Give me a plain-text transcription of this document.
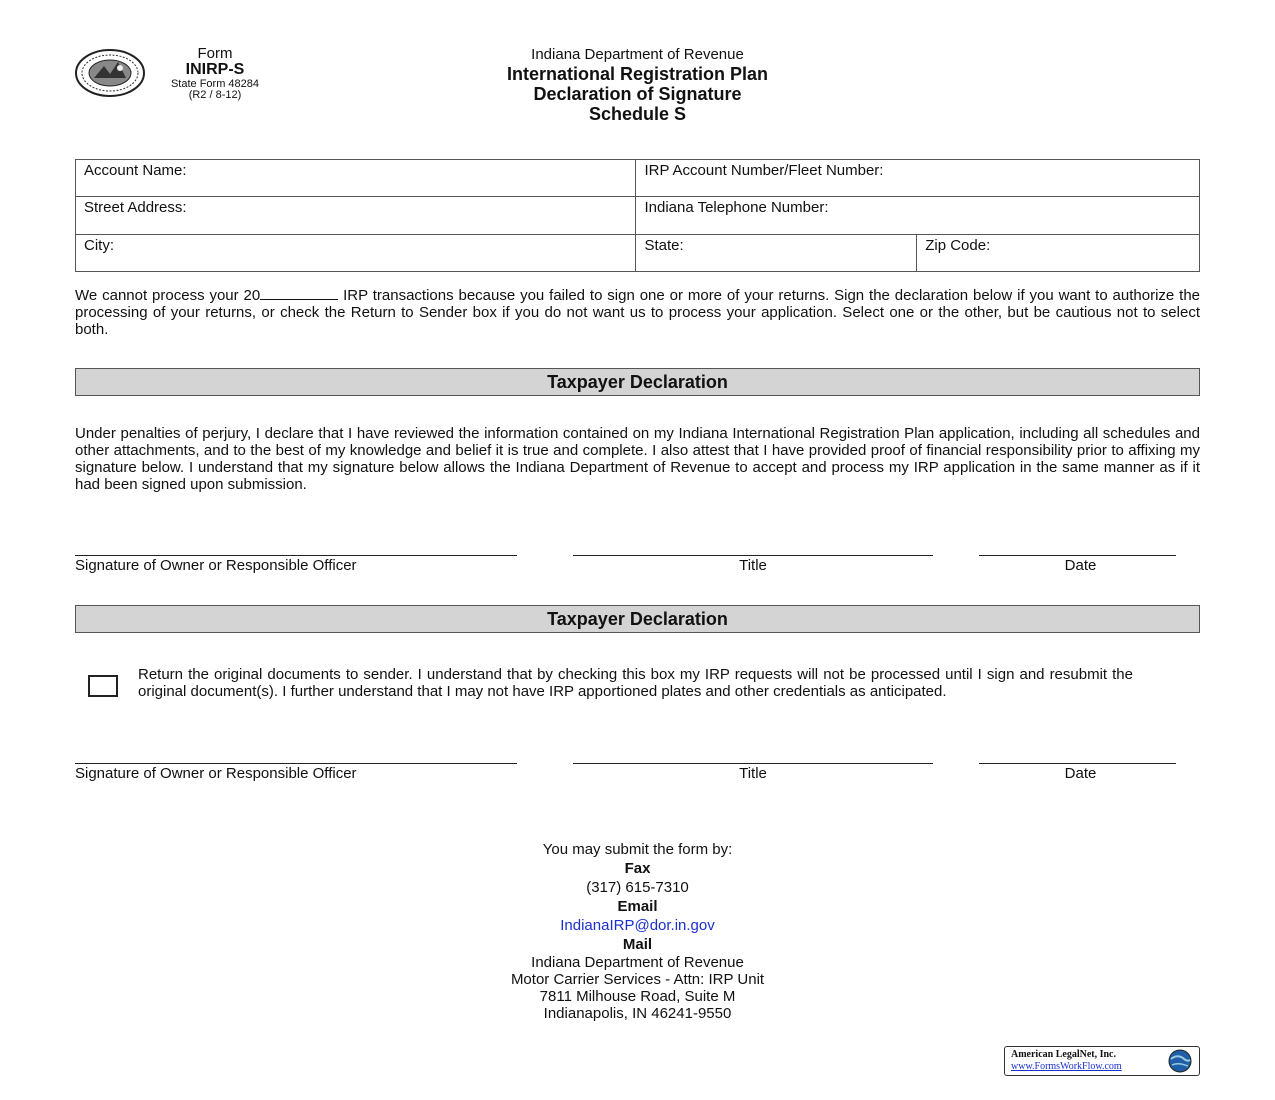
Form
INIRP-S
State Form 48284
(R2 / 8-12)
Indiana Department of Revenue
International Registration Plan
Declaration of Signature
Schedule S
Account Name:	IRP Account Number/Fleet Number:	
Street Address:	Indiana Telephone Number:	
City:	State:	Zip Code:
We cannot process your 20	IRP transactions because you failed to sign one or more of your returns. Sign the declaration below if you want to authorize the processing of your returns, or check the Return to Sender box if you do not want us to process your application. Select one or the other, but be cautious not to select both.
Taxpayer Declaration
Under penalties of perjury, I declare that I have reviewed the information contained on my Indiana International Registration Plan application, including all schedules and other attachments, and to the best of my knowledge and belief it is true and complete. I also attest that I have provided proof of financial responsibility prior to affixing my signature below. I understand that my signature below allows the Indiana Department of Revenue to accept and process my IRP application in the same manner as if it had been signed upon submission.
Signature of Owner or Responsible Officer	Title	Date
Taxpayer Declaration
Return the original documents to sender. I understand that by checking this box my IRP requests will not be processed until I sign and resubmit the original document(s). I further understand that I may not have IRP apportioned plates and other credentials as anticipated.
Signature of Owner or Responsible Officer	Title	Date
You may submit the form by:
Fax
(317) 615-7310
Email
IndianaIRP@dor.in.gov
Mail
Indiana Department of Revenue
Motor Carrier Services - Attn: IRP Unit
7811 Milhouse Road, Suite M
Indianapolis, IN 46241-9550
American LegalNet, Inc.
www.FormsWorkFlow.com
